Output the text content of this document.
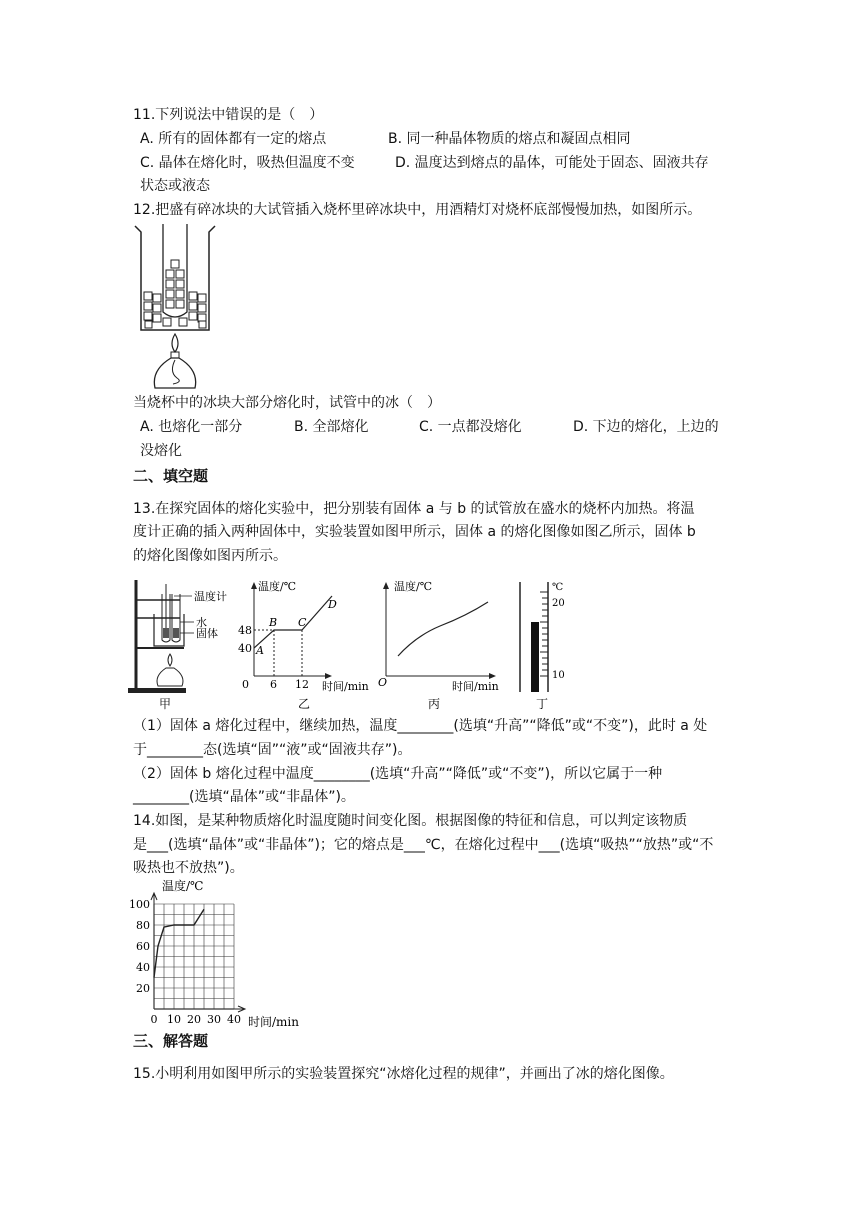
11.下列说法中错误的是（　）
A. 所有的固体都有一定的熔点	B. 同一种晶体物质的熔点和凝固点相同
C. 晶体在熔化时，吸热但温度不变	D. 温度达到熔点的晶体，可能处于固态、固液共存
状态或液态
12.把盛有碎冰块的大试管插入烧杯里碎冰块中，用酒精灯对烧杯底部慢慢加热，如图所示。
当烧杯中的冰块大部分熔化时，试管中的冰（　）
A. 也熔化一部分	B. 全部熔化	C. 一点都没熔化	D. 下边的熔化，上边的
没熔化
二、填空题
13.在探究固体的熔化实验中，把分别装有固体 a 与 b 的试管放在盛水的烧杯内加热。将温
度计正确的插入两种固体中，实验装置如图甲所示，固体 a 的熔化图像如图乙所示，固体 b
的熔化图像如图丙所示。
温度计
水
固体
甲
温度/℃
时间/min
48
40
0 6 12
A
B C
D
乙
温度/℃
时间/min
O
丙
℃
20
10
丁
（1）固体 a 熔化过程中，继续加热，温度________(选填“升高”“降低”或“不变”)，此时 a 处
于________态(选填“固”“液”或“固液共存”)。
（2）固体 b 熔化过程中温度________(选填“升高”“降低”或“不变”)，所以它属于一种
________(选填“晶体”或“非晶体”)。
14.如图，是某种物质熔化时温度随时间变化图。根据图像的特征和信息，可以判定该物质
是___(选填“晶体”或“非晶体”)；它的熔点是___℃，在熔化过程中___(选填“吸热”“放热”或“不
吸热也不放热”)。
20
40
60
80
100
0 10 20 30 40
温度/℃
时间/min
三、解答题
15.小明利用如图甲所示的实验装置探究“冰熔化过程的规律”，并画出了冰的熔化图像。
